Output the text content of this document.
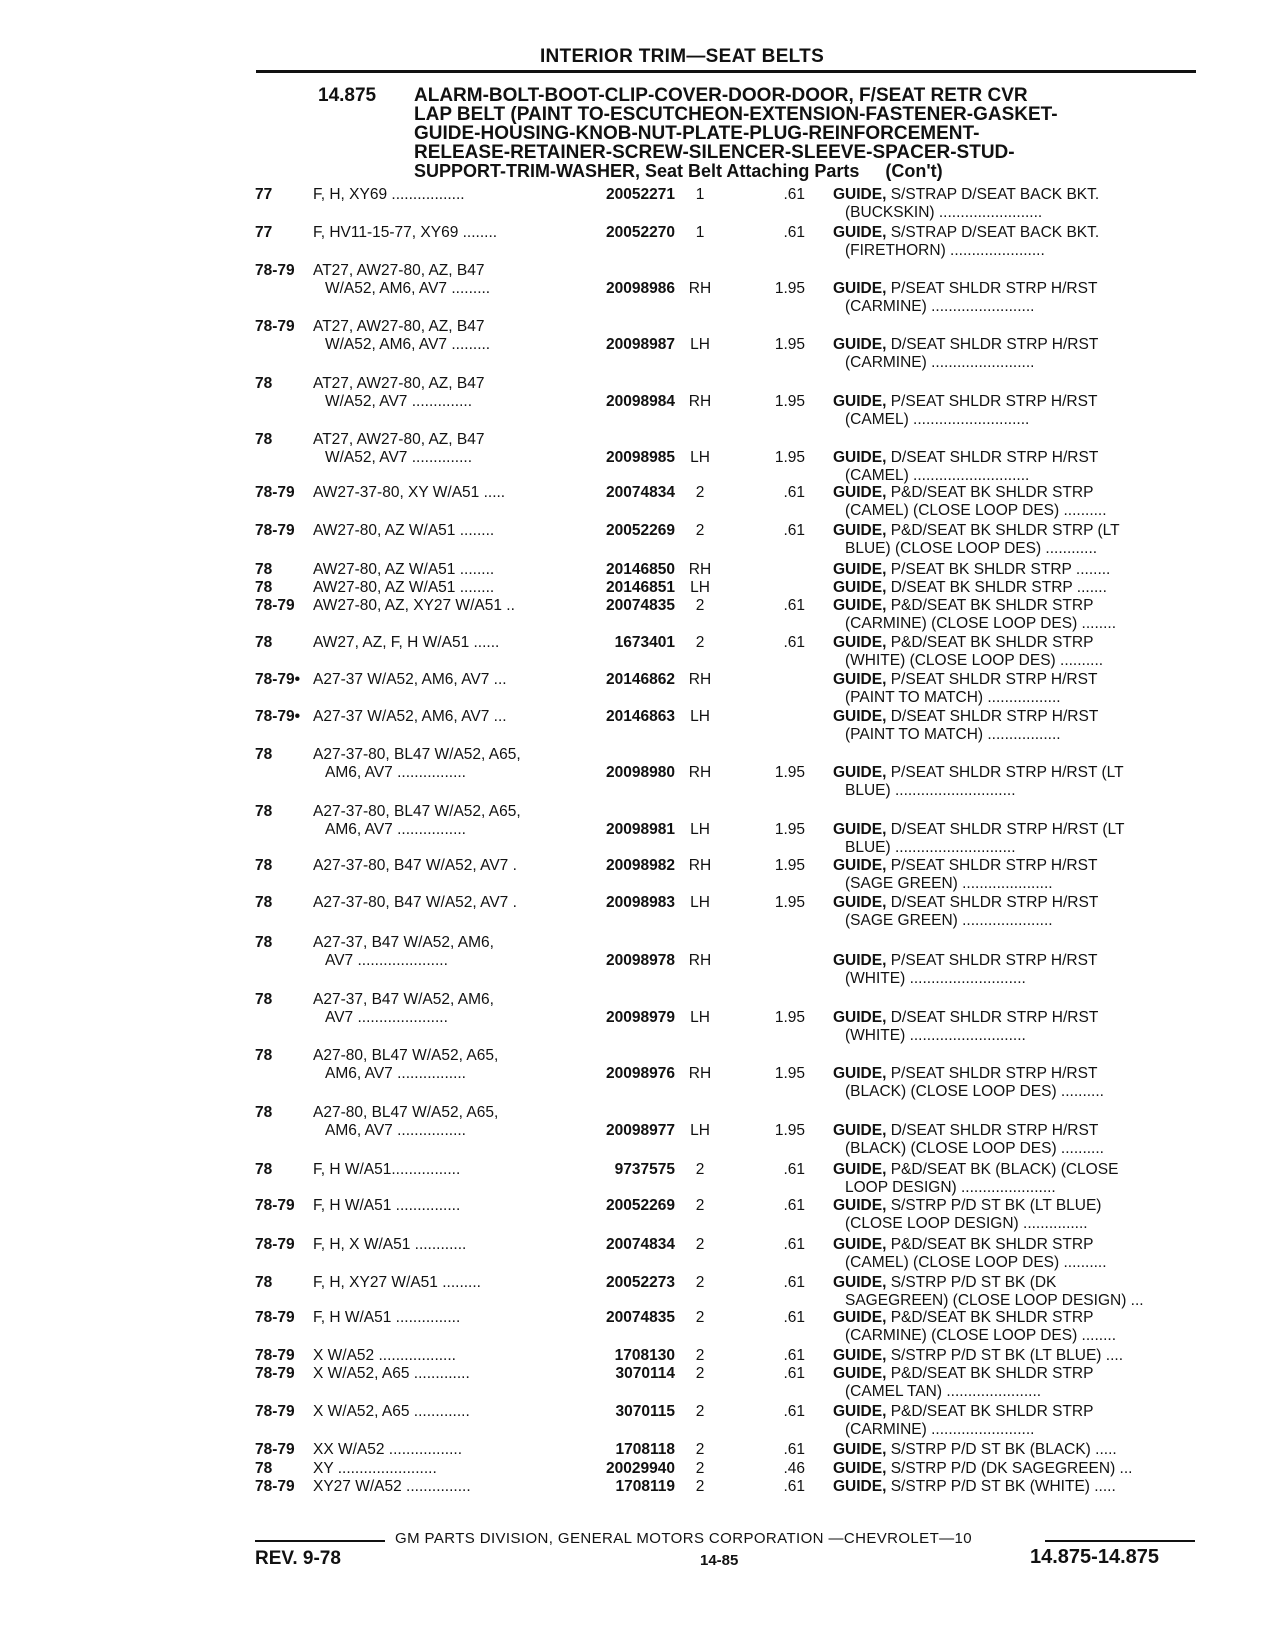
INTERIOR TRIM—SEAT BELTS
14.875 ALARM-BOLT-BOOT-CLIP-COVER-DOOR-DOOR, F/SEAT RETR CVR
LAP BELT (PAINT TO-ESCUTCHEON-EXTENSION-FASTENER-GASKET-
GUIDE-HOUSING-KNOB-NUT-PLATE-PLUG-REINFORCEMENT-
RELEASE-RETAINER-SCREW-SILENCER-SLEEVE-SPACER-STUD-
SUPPORT-TRIM-WASHER, Seat Belt Attaching Parts (Con't)
77	F, H, XY69 .................	20052271	1	.61 GUIDE, S/STRAP D/SEAT BACK BKT.
(BUCKSKIN) ........................
77	F, HV11-15-77, XY69 ........	20052270	1	.61 GUIDE, S/STRAP D/SEAT BACK BKT.
(FIRETHORN) ......................
78-79 AT27, AW27-80, AZ, B47
W/A52, AM6, AV7 .........	20098986 RH	1.95 GUIDE, P/SEAT SHLDR STRP H/RST
(CARMINE) ........................
78-79 AT27, AW27-80, AZ, B47
W/A52, AM6, AV7 .........	20098987 LH	1.95 GUIDE, D/SEAT SHLDR STRP H/RST
(CARMINE) ........................
78	AT27, AW27-80, AZ, B47
W/A52, AV7 ..............	20098984 RH	1.95 GUIDE, P/SEAT SHLDR STRP H/RST
(CAMEL) ...........................
78	AT27, AW27-80, AZ, B47
W/A52, AV7 ..............	20098985 LH	1.95 GUIDE, D/SEAT SHLDR STRP H/RST
(CAMEL) ...........................
78-79 AW27-37-80, XY W/A51 .....	20074834	2	.61 GUIDE, P&D/SEAT BK SHLDR STRP
(CAMEL) (CLOSE LOOP DES) ..........
78-79 AW27-80, AZ W/A51 ........	20052269	2	.61 GUIDE, P&D/SEAT BK SHLDR STRP (LT
BLUE) (CLOSE LOOP DES) ............
78	AW27-80, AZ W/A51 ........	20146850 RH	GUIDE, P/SEAT BK SHLDR STRP ........
78	AW27-80, AZ W/A51 ........	20146851 LH	GUIDE, D/SEAT BK SHLDR STRP .......
78-79 AW27-80, AZ, XY27 W/A51 ..	20074835	2	.61 GUIDE, P&D/SEAT BK SHLDR STRP
(CARMINE) (CLOSE LOOP DES) ........
78	AW27, AZ, F, H W/A51 ......	1673401	2	.61 GUIDE, P&D/SEAT BK SHLDR STRP
(WHITE) (CLOSE LOOP DES) ..........
78-79• A27-37 W/A52, AM6, AV7 ...	20146862 RH	GUIDE, P/SEAT SHLDR STRP H/RST
(PAINT TO MATCH) .................
78-79• A27-37 W/A52, AM6, AV7 ...	20146863 LH	GUIDE, D/SEAT SHLDR STRP H/RST
(PAINT TO MATCH) .................
78	A27-37-80, BL47 W/A52, A65,
AM6, AV7 ................	20098980 RH	1.95 GUIDE, P/SEAT SHLDR STRP H/RST (LT
BLUE) ............................
78	A27-37-80, BL47 W/A52, A65,
AM6, AV7 ................	20098981 LH	1.95 GUIDE, D/SEAT SHLDR STRP H/RST (LT
BLUE) ............................
78	A27-37-80, B47 W/A52, AV7 .	20098982 RH	1.95 GUIDE, P/SEAT SHLDR STRP H/RST
(SAGE GREEN) .....................
78	A27-37-80, B47 W/A52, AV7 .	20098983 LH	1.95 GUIDE, D/SEAT SHLDR STRP H/RST
(SAGE GREEN) .....................
78	A27-37, B47 W/A52, AM6,
AV7 .....................	20098978 RH	GUIDE, P/SEAT SHLDR STRP H/RST
(WHITE) ...........................
78	A27-37, B47 W/A52, AM6,
AV7 .....................	20098979 LH	1.95 GUIDE, D/SEAT SHLDR STRP H/RST
(WHITE) ...........................
78	A27-80, BL47 W/A52, A65,
AM6, AV7 ................	20098976 RH	1.95 GUIDE, P/SEAT SHLDR STRP H/RST
(BLACK) (CLOSE LOOP DES) ..........
78	A27-80, BL47 W/A52, A65,
AM6, AV7 ................	20098977 LH	1.95 GUIDE, D/SEAT SHLDR STRP H/RST
(BLACK) (CLOSE LOOP DES) ..........
78	F, H W/A51................	9737575	2	.61 GUIDE, P&D/SEAT BK (BLACK) (CLOSE
LOOP DESIGN) ......................
78-79 F, H W/A51 ...............	20052269	2	.61 GUIDE, S/STRP P/D ST BK (LT BLUE)
(CLOSE LOOP DESIGN) ...............
78-79 F, H, X W/A51 ............	20074834	2	.61 GUIDE, P&D/SEAT BK SHLDR STRP
(CAMEL) (CLOSE LOOP DES) ..........
78	F, H, XY27 W/A51 .........	20052273	2	.61 GUIDE, S/STRP P/D ST BK (DK
SAGEGREEN) (CLOSE LOOP DESIGN) ...
78-79 F, H W/A51 ...............	20074835	2	.61 GUIDE, P&D/SEAT BK SHLDR STRP
(CARMINE) (CLOSE LOOP DES) ........
78-79 X W/A52 ..................	1708130	2	.61 GUIDE, S/STRP P/D ST BK (LT BLUE) ....
78-79 X W/A52, A65 .............	3070114	2	.61 GUIDE, P&D/SEAT BK SHLDR STRP
(CAMEL TAN) ......................
78-79 X W/A52, A65 .............	3070115	2	.61 GUIDE, P&D/SEAT BK SHLDR STRP
(CARMINE) ........................
78-79 XX W/A52 .................	1708118	2	.61 GUIDE, S/STRP P/D ST BK (BLACK) .....
78	XY .......................	20029940	2	.46 GUIDE, S/STRP P/D (DK SAGEGREEN) ...
78-79 XY27 W/A52 ...............	1708119	2	.61 GUIDE, S/STRP P/D ST BK (WHITE) .....
GM PARTS DIVISION, GENERAL MOTORS CORPORATION —CHEVROLET—10
REV. 9-78	14-85	14.875-14.875
